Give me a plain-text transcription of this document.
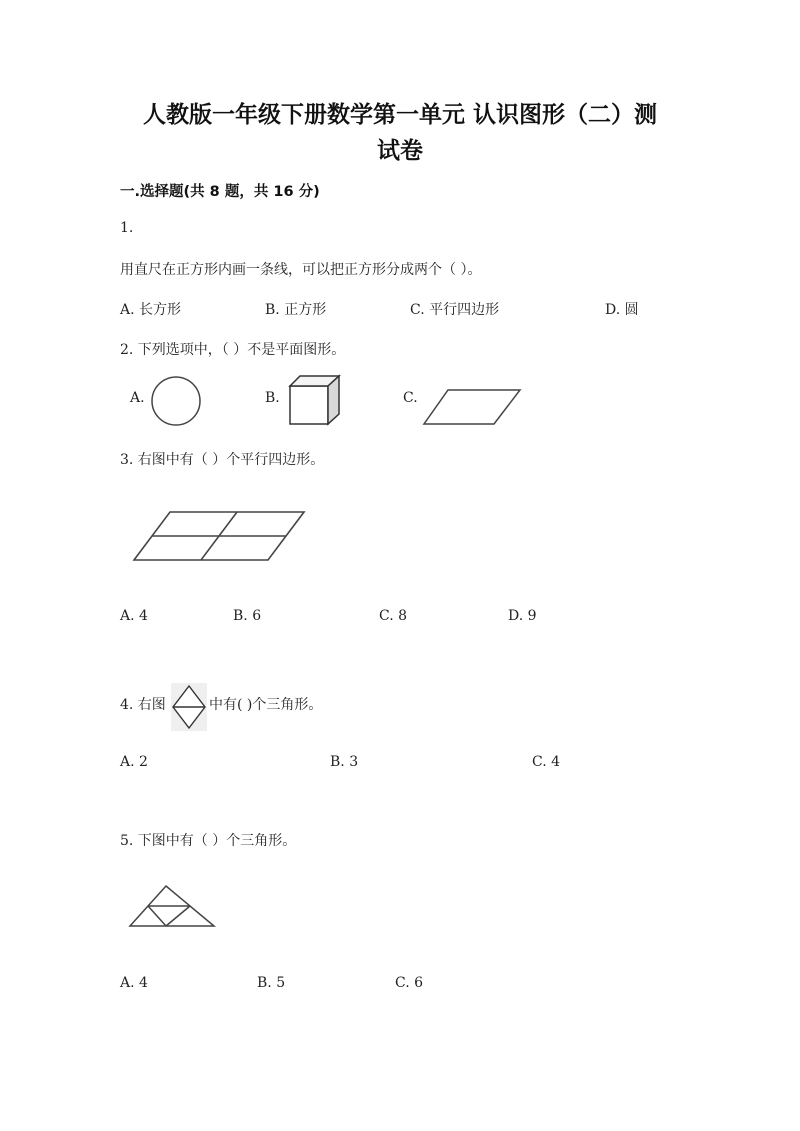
人教版一年级下册数学第一单元 认识图形（二）测
试卷
一.选择题(共 8 题，共 16 分)
1.
用直尺在正方形内画一条线，可以把正方形分成两个（ ）。
A. 长方形	B. 正方形	C. 平行四边形	D. 圆
2. 下列选项中，（ ）不是平面图形。
A.	B.	C.
3. 右图中有（ ）个平行四边形。
A. 4	B. 6	C. 8	D. 9
4. 右图	中有( )个三角形。
A. 2	B. 3	C. 4
5. 下图中有（ ）个三角形。
A. 4	B. 5	C. 6
